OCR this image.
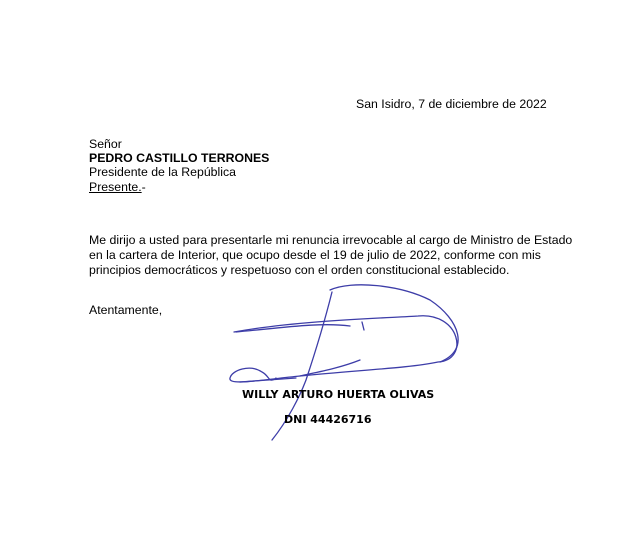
San Isidro, 7 de diciembre de 2022
Señor
PEDRO CASTILLO TERRONES
Presidente de la República
Presente.-
Me dirijo a usted para presentarle mi renuncia irrevocable al cargo de Ministro de Estado
en la cartera de Interior, que ocupo desde el 19 de julio de 2022, conforme con mis
principios democráticos y respetuoso con el orden constitucional establecido.
Atentamente,
WILLY ARTURO HUERTA OLIVAS
DNI 44426716
